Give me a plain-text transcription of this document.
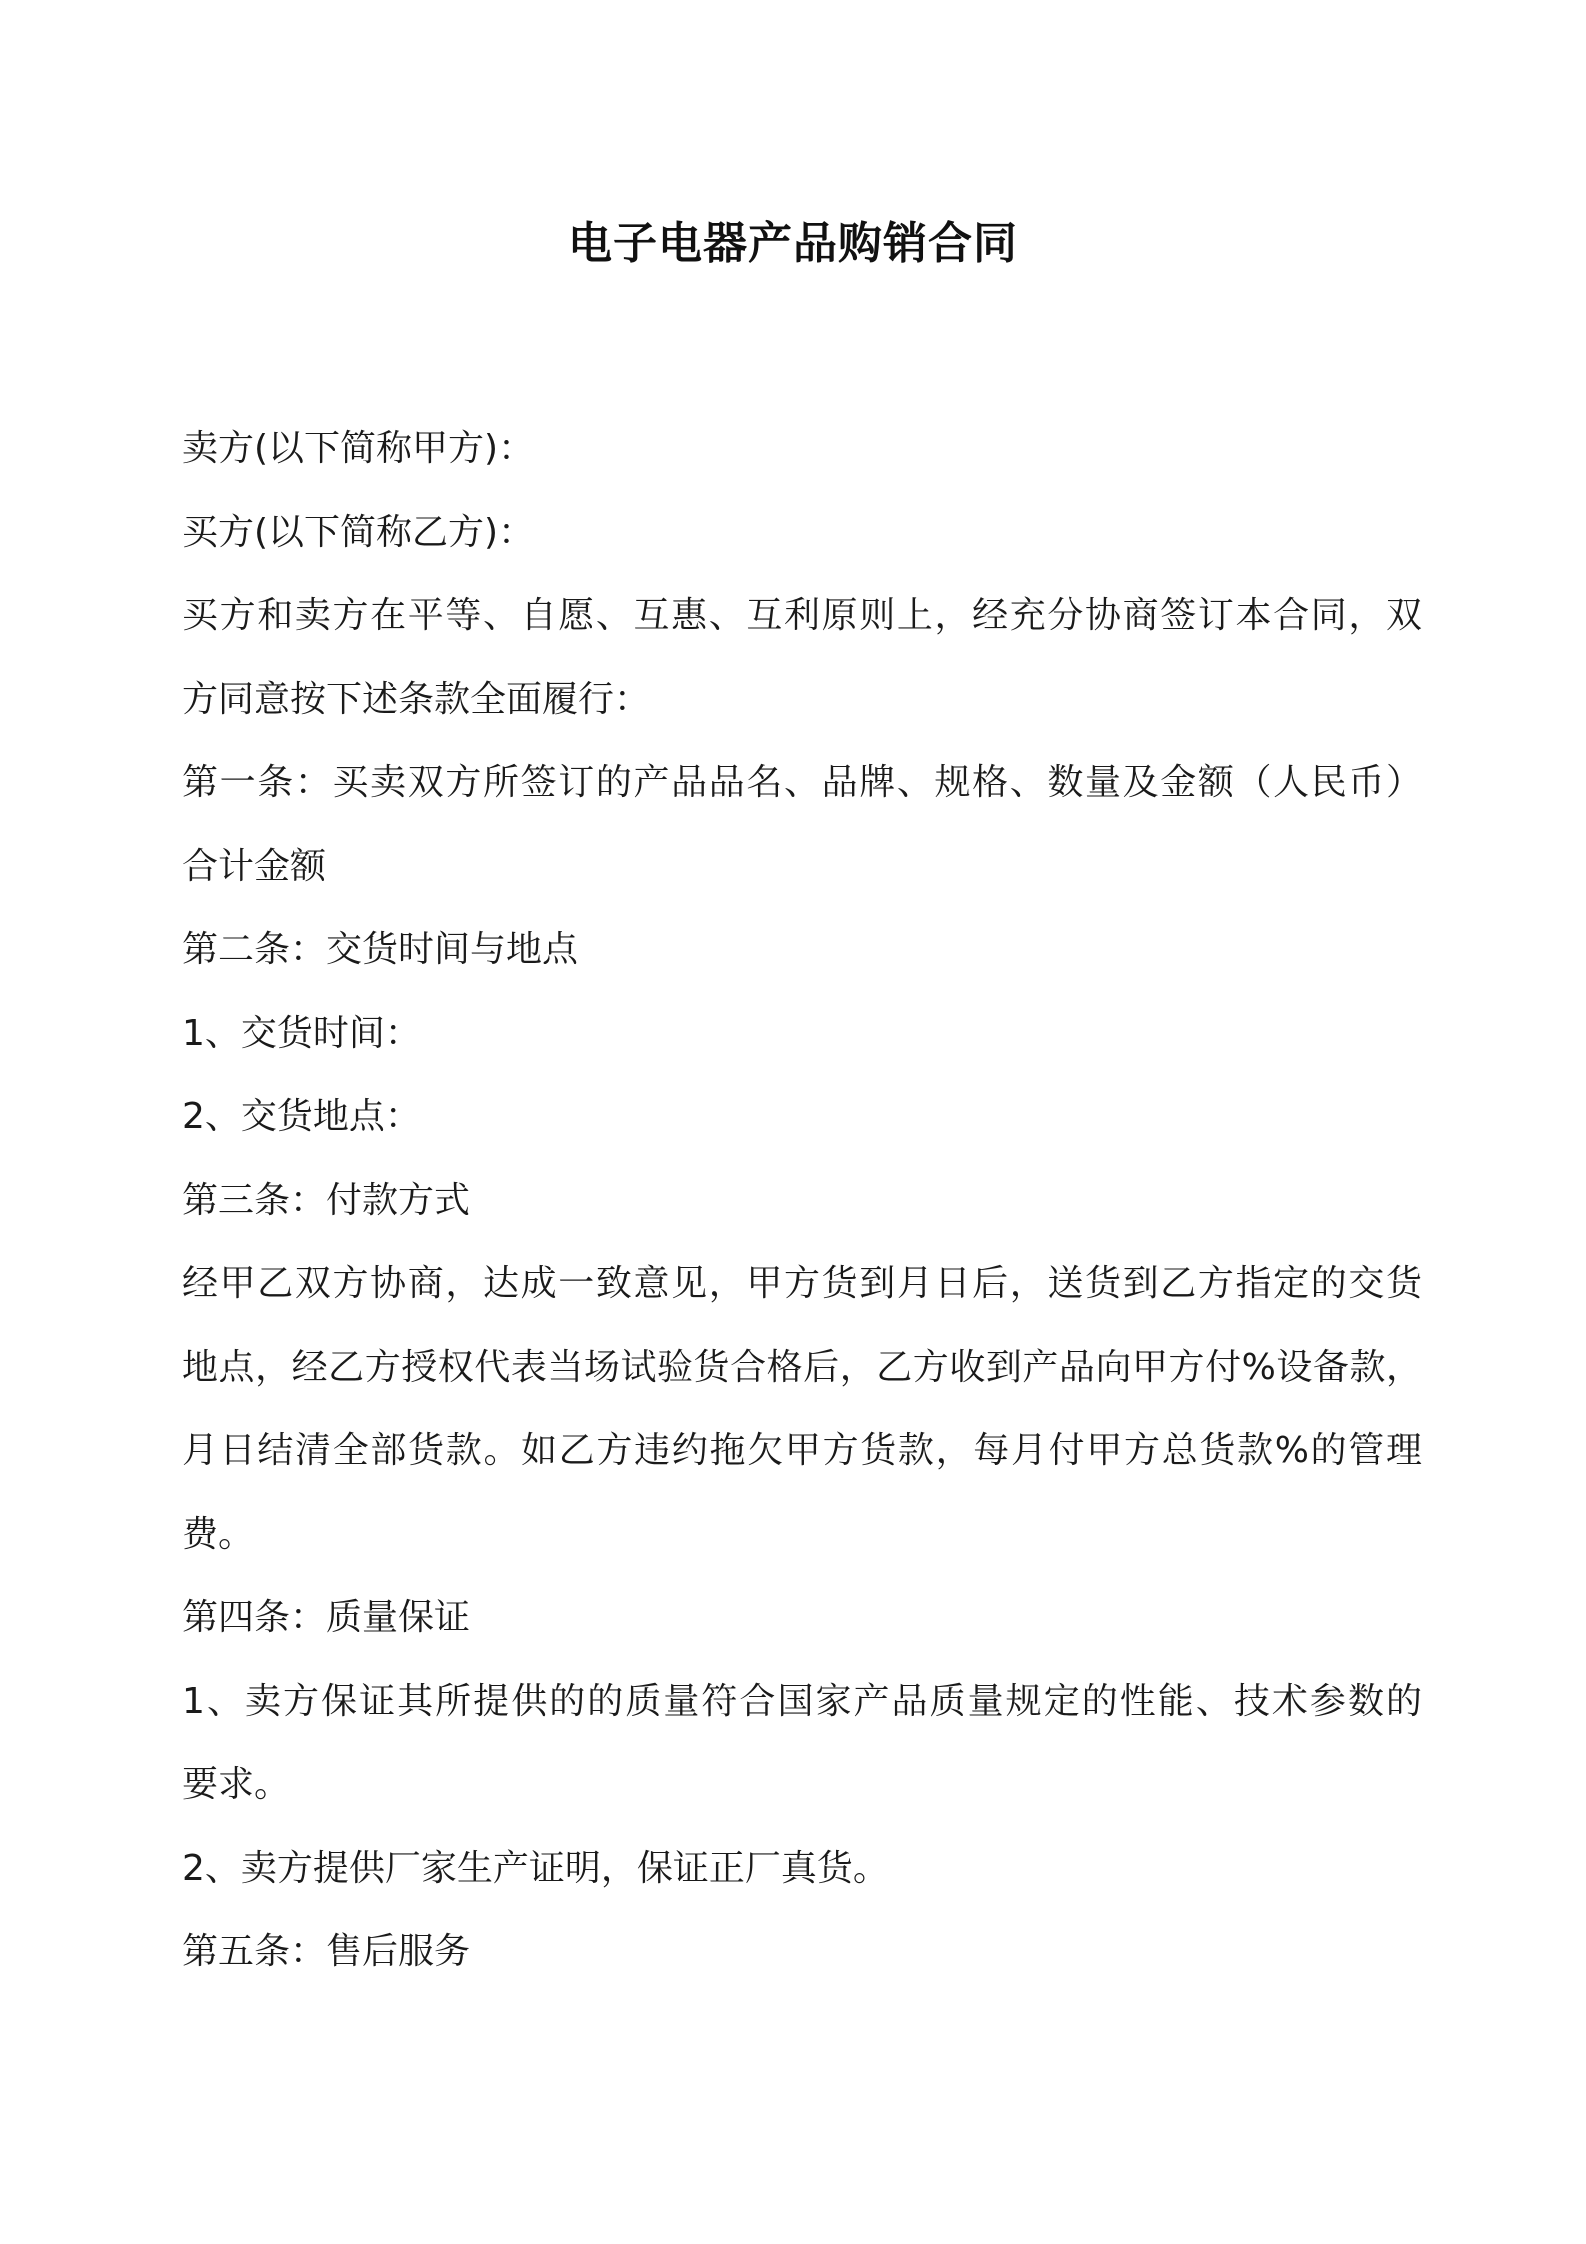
电子电器产品购销合同
卖方(以下简称甲方)：
买方(以下简称乙方)：
买方和卖方在平等、自愿、互惠、互利原则上，经充分协商签订本合同，双
方同意按下述条款全面履行：
第一条：买卖双方所签订的产品品名、品牌、规格、数量及金额（人民币）
合计金额
第二条：交货时间与地点
1、交货时间：
2、交货地点：
第三条：付款方式
经甲乙双方协商，达成一致意见，甲方货到月日后，送货到乙方指定的交货
地点，经乙方授权代表当场试验货合格后，乙方收到产品向甲方付%设备款，
月日结清全部货款。如乙方违约拖欠甲方货款，每月付甲方总货款%的管理
费。
第四条：质量保证
1、卖方保证其所提供的的质量符合国家产品质量规定的性能、技术参数的
要求。
2、卖方提供厂家生产证明，保证正厂真货。
第五条：售后服务
